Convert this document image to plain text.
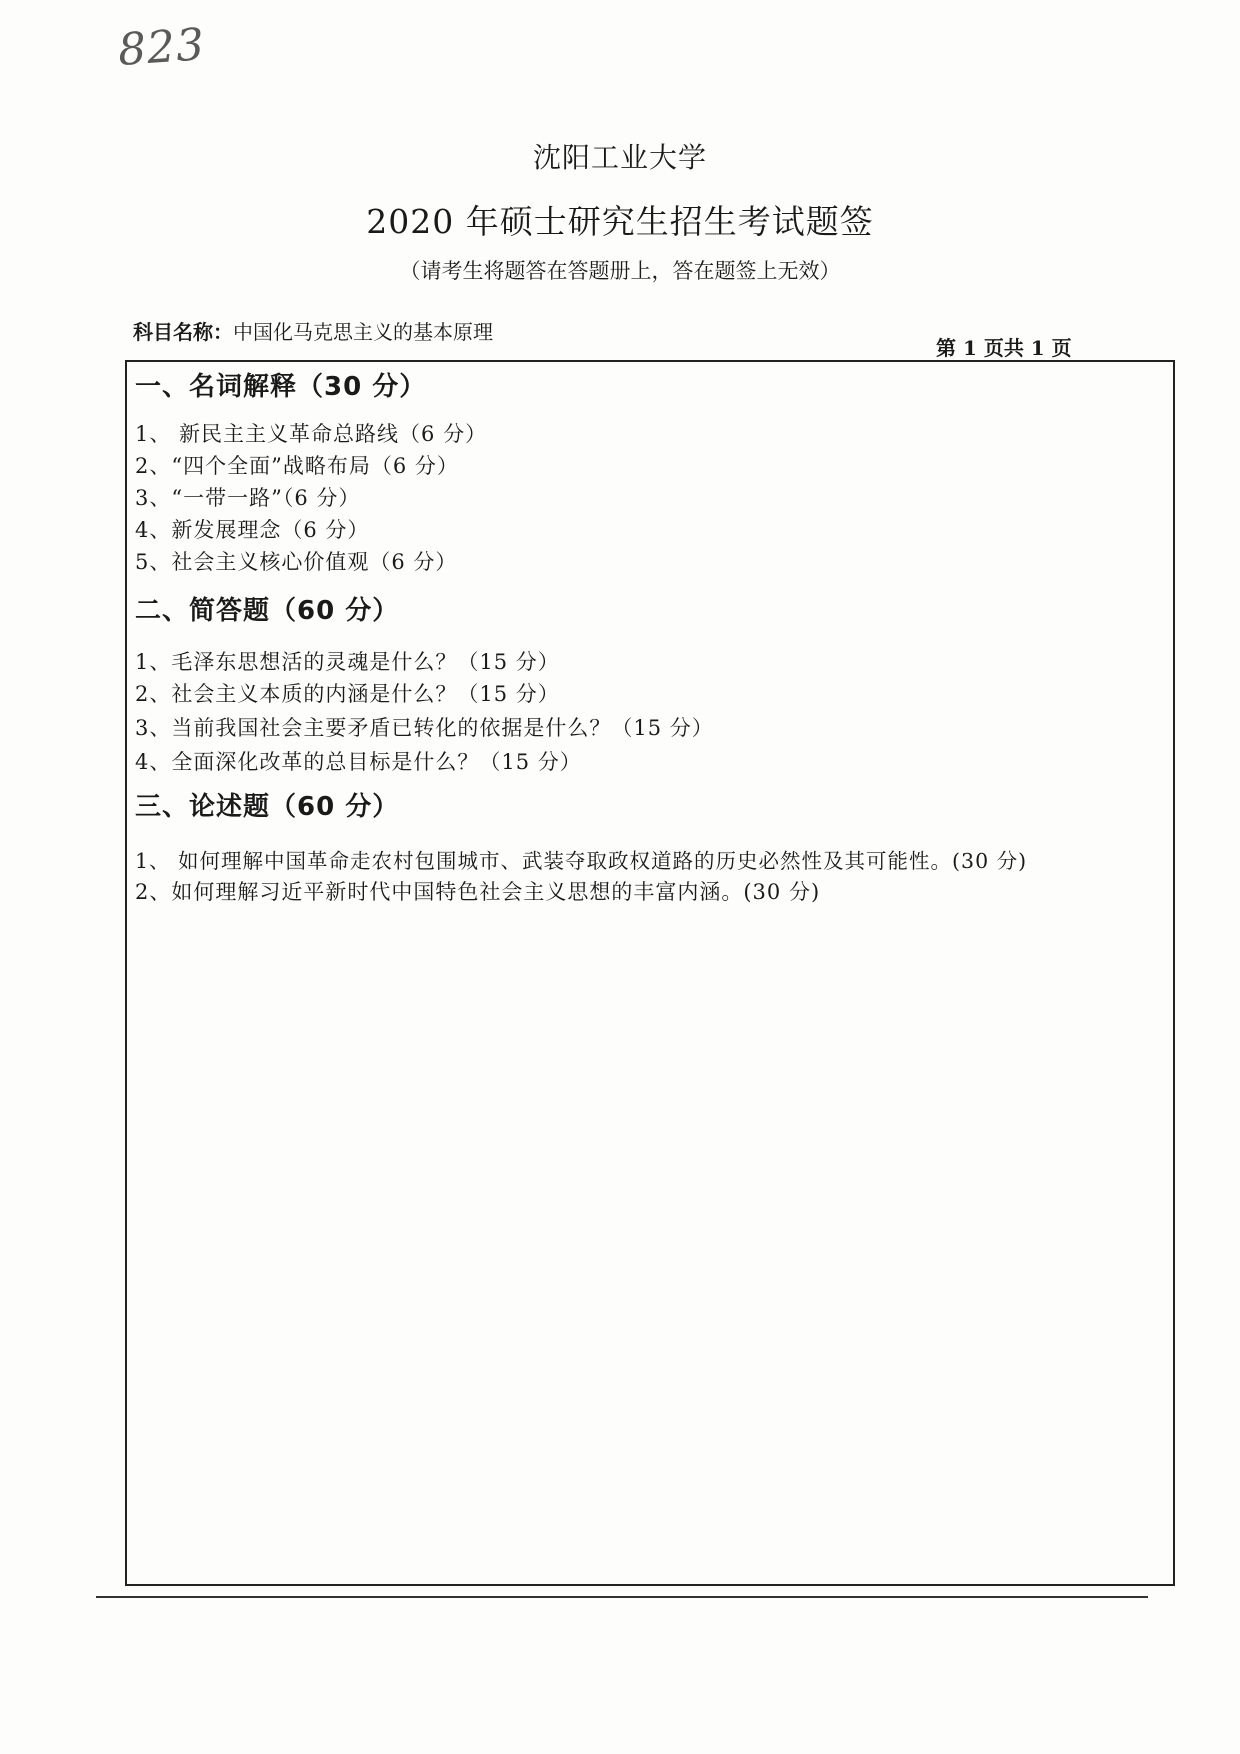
823
沈阳工业大学
2020 年硕士研究生招生考试题签
（请考生将题答在答题册上，答在题签上无效）
科目名称：中国化马克思主义的基本原理
第 1 页共 1 页
一、名词解释（30 分）
1、 新民主主义革命总路线（6 分）
2、“四个全面”战略布局（6 分）
3、“一带一路”（6 分）
4、新发展理念（6 分）
5、社会主义核心价值观（6 分）
二、简答题（60 分）
1、毛泽东思想活的灵魂是什么？（15 分）
2、社会主义本质的内涵是什么？（15 分）
3、当前我国社会主要矛盾已转化的依据是什么？（15 分）
4、全面深化改革的总目标是什么？（15 分）
三、论述题（60 分）
1、 如何理解中国革命走农村包围城市、武装夺取政权道路的历史必然性及其可能性。(30 分)
2、如何理解习近平新时代中国特色社会主义思想的丰富内涵。(30 分)
